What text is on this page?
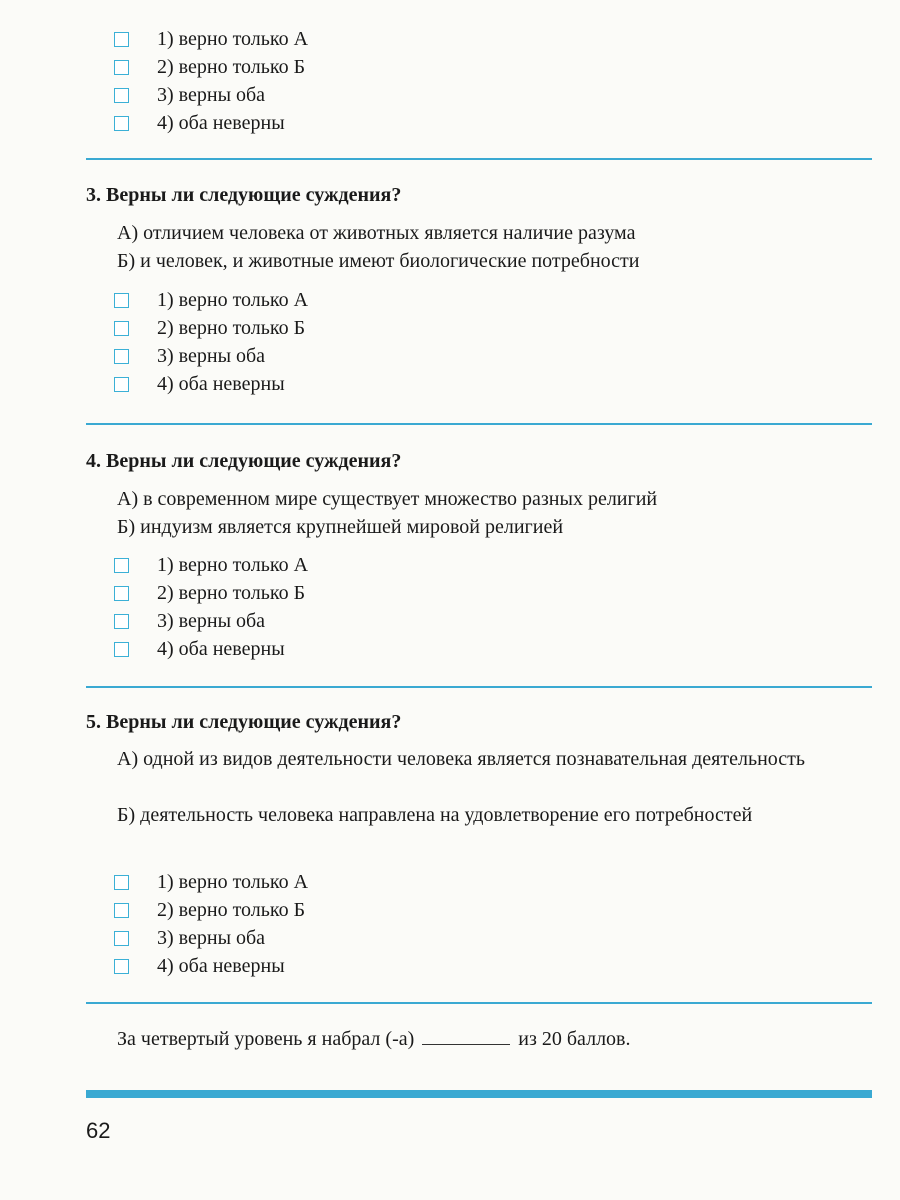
1) верно только А
2) верно только Б
3) верны оба
4) оба неверны
3. Верны ли следующие суждения?
А) отличием человека от животных является наличие разума
Б) и человек, и животные имеют биологические потребности
1) верно только А
2) верно только Б
3) верны оба
4) оба неверны
4. Верны ли следующие суждения?
А) в современном мире существует множество разных религий
Б) индуизм является крупнейшей мировой религией
1) верно только А
2) верно только Б
3) верны оба
4) оба неверны
5. Верны ли следующие суждения?
А) одной из видов деятельности человека является познавательная деятельность
Б) деятельность человека направлена на удовлетворение его потребностей
1) верно только А
2) верно только Б
3) верны оба
4) оба неверны
За четвертый уровень я набрал (-а)	из 20 баллов.
62
